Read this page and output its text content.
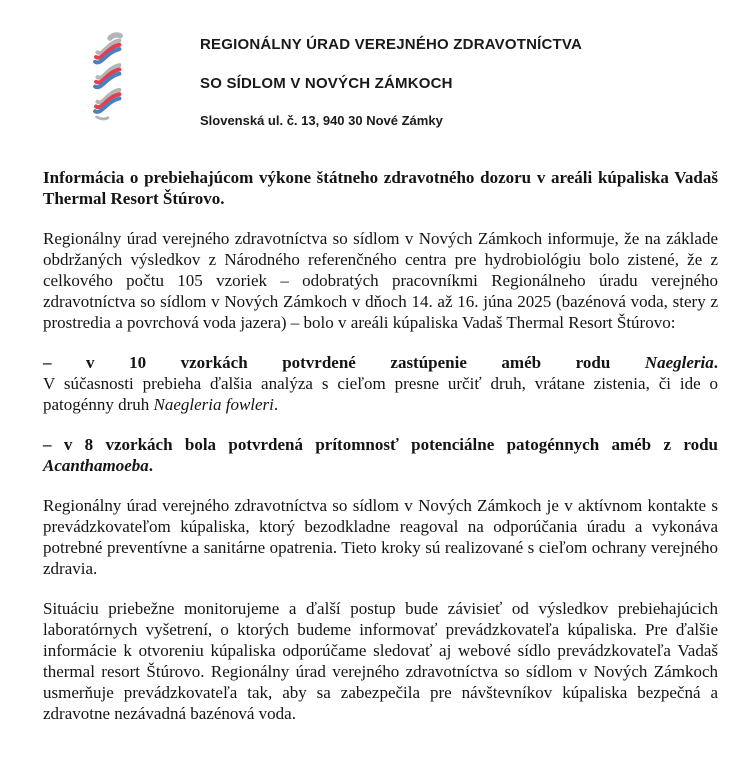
REGIONÁLNY ÚRAD VEREJNÉHO ZDRAVOTNÍCTVA
SO SÍDLOM V NOVÝCH ZÁMKOCH
Slovenská ul. č. 13, 940 30 Nové Zámky
Informácia o prebiehajúcom výkone štátneho zdravotného dozoru v areáli kúpaliska Vadaš Thermal Resort Štúrovo.

Regionálny úrad verejného zdravotníctva so sídlom v Nových Zámkoch informuje, že na základe obdržaných výsledkov z Národného referenčného centra pre hydrobiológiu bolo zistené, že z celkového počtu 105 vzoriek – odobratých pracovníkmi Regionálneho úradu verejného zdravotníctva so sídlom v Nových Zámkoch v dňoch 14. až 16. júna 2025 (bazénová voda, stery z prostredia a povrchová voda jazera) – bolo v areáli kúpaliska Vadaš Thermal Resort Štúrovo:

– v 10 vzorkách potvrdené zastúpenie améb rodu Naegleria.

V súčasnosti prebieha ďalšia analýza s cieľom presne určiť druh, vrátane zistenia, či ide o patogénny druh Naegleria fowleri.

– v 8 vzorkách bola potvrdená prítomnosť potenciálne patogénnych améb z rodu Acanthamoeba.

Regionálny úrad verejného zdravotníctva so sídlom v Nových Zámkoch je v aktívnom kontakte s prevádzkovateľom kúpaliska, ktorý bezodkladne reagoval na odporúčania úradu a vykonáva potrebné preventívne a sanitárne opatrenia. Tieto kroky sú realizované s cieľom ochrany verejného zdravia.

Situáciu priebežne monitorujeme a ďalší postup bude závisieť od výsledkov prebiehajúcich laboratórnych vyšetrení, o ktorých budeme informovať prevádzkovateľa kúpaliska. Pre ďalšie informácie k otvoreniu kúpaliska odporúčame sledovať aj webové sídlo prevádzkovateľa Vadaš thermal resort Štúrovo. Regionálny úrad verejného zdravotníctva so sídlom v Nových Zámkoch usmerňuje prevádzkovateľa tak, aby sa zabezpečila pre návštevníkov kúpaliska bezpečná a zdravotne nezávadná bazénová voda.
